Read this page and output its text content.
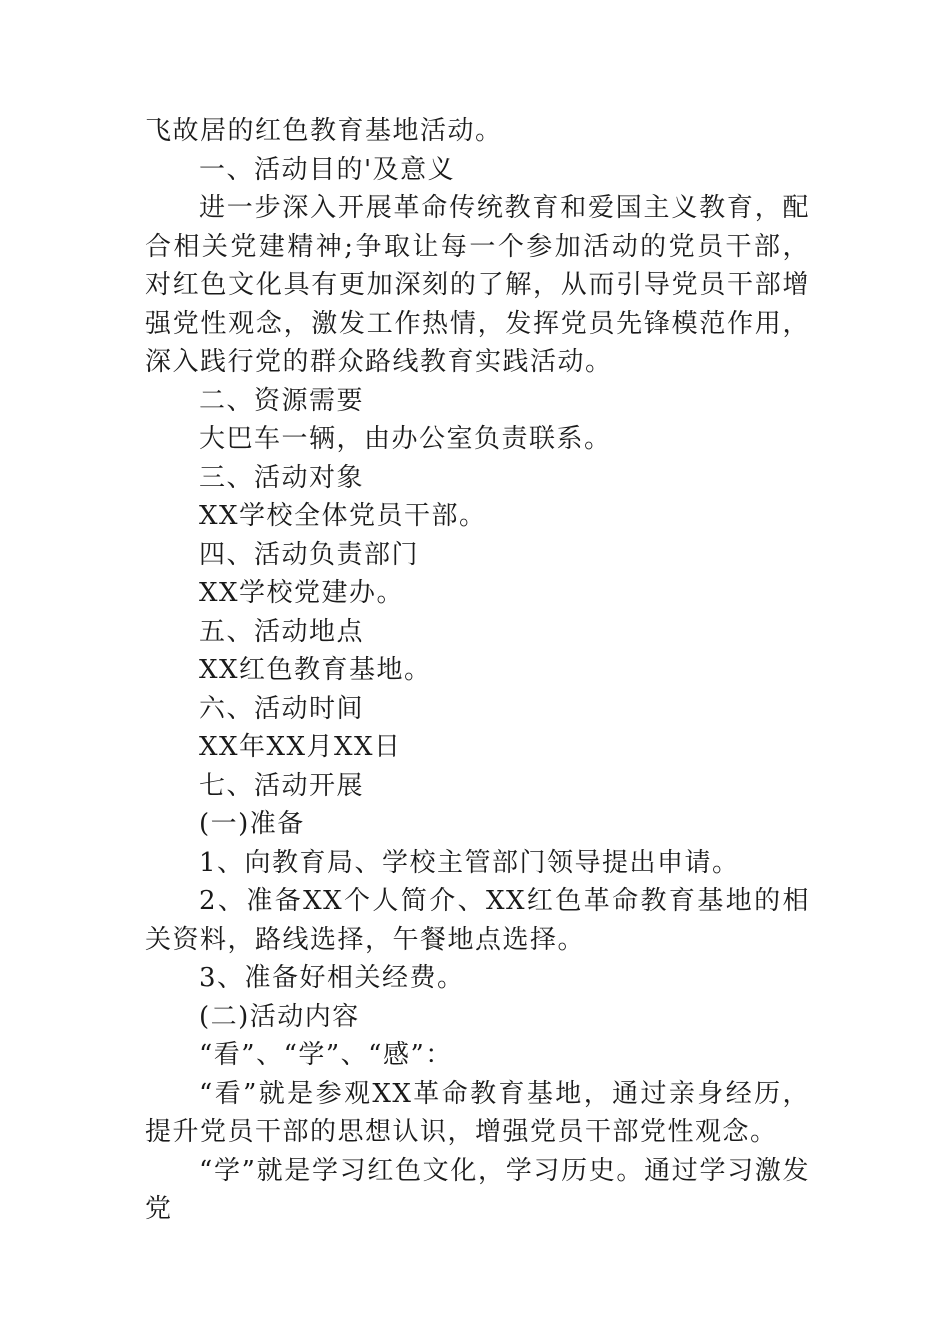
飞故居的红色教育基地活动。

一、活动目的'及意义

进一步深入开展革命传统教育和爱国主义教育，配合相关党建精神;争取让每一个参加活动的党员干部，对红色文化具有更加深刻的了解，从而引导党员干部增强党性观念，激发工作热情，发挥党员先锋模范作用，深入践行党的群众路线教育实践活动。

二、资源需要

大巴车一辆，由办公室负责联系。

三、活动对象

XX学校全体党员干部。

四、活动负责部门

XX学校党建办。

五、活动地点

XX红色教育基地。

六、活动时间

XX年XX月XX日

七、活动开展

(一)准备

1、向教育局、学校主管部门领导提出申请。

2、准备XX个人简介、XX红色革命教育基地的相关资料，路线选择，午餐地点选择。

3、准备好相关经费。

(二)活动内容

“看”、“学”、“感”：

“看”就是参观XX革命教育基地，通过亲身经历，提升党员干部的思想认识，增强党员干部党性观念。

“学”就是学习红色文化，学习历史。通过学习激发党
